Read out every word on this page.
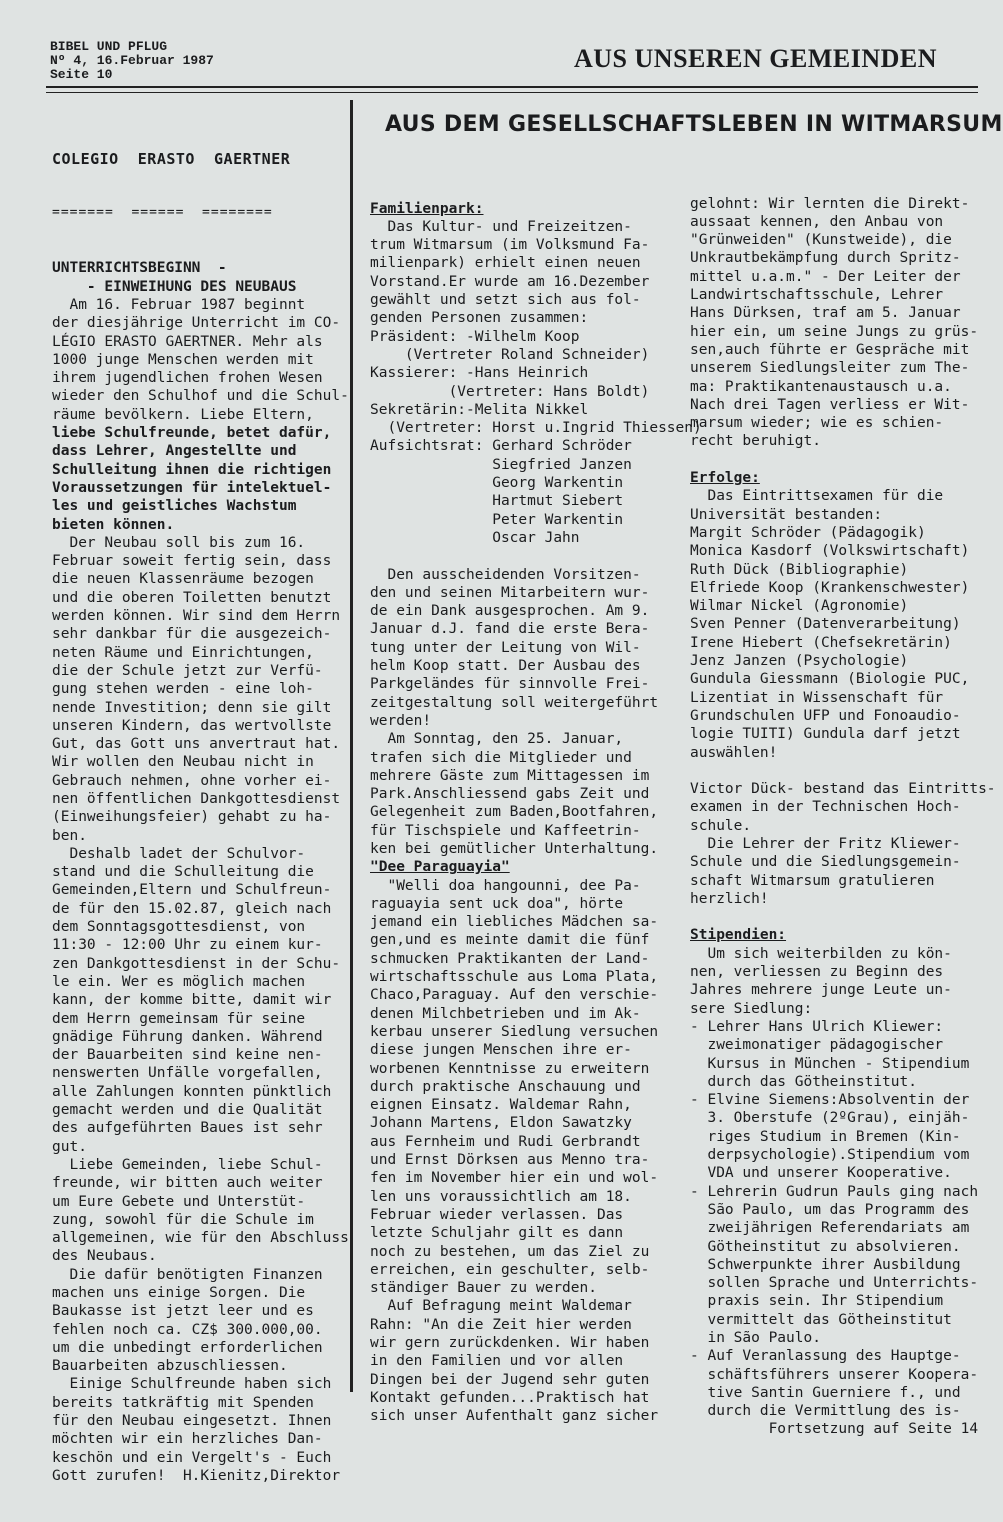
BIBEL UND PFLUG
Nº 4, 16.Februar 1987
Seite 10
AUS UNSEREN GEMEINDEN

COLEGIO  ERASTO  GAERTNER

=======  ======  ========

UNTERRICHTSBEGINN  -
- EINWEIHUNG DES NEUBAUS
Am 16. Februar 1987 beginnt
der diesjährige Unterricht im CO-
LÉGIO ERASTO GAERTNER. Mehr als
1000 junge Menschen werden mit
ihrem jugendlichen frohen Wesen
wieder den Schulhof und die Schul-
räume bevölkern. Liebe Eltern,
liebe Schulfreunde, betet dafür,
dass Lehrer, Angestellte und
Schulleitung ihnen die richtigen
Voraussetzungen für intelektuel-
les und geistliches Wachstum
bieten können.
Der Neubau soll bis zum 16.
Februar soweit fertig sein, dass
die neuen Klassenräume bezogen
und die oberen Toiletten benutzt
werden können. Wir sind dem Herrn
sehr dankbar für die ausgezeich-
neten Räume und Einrichtungen,
die der Schule jetzt zur Verfü-
gung stehen werden - eine loh-
nende Investition; denn sie gilt
unseren Kindern, das wertvollste
Gut, das Gott uns anvertraut hat.
Wir wollen den Neubau nicht in
Gebrauch nehmen, ohne vorher ei-
nen öffentlichen Dankgottesdienst
(Einweihungsfeier) gehabt zu ha-
ben.
Deshalb ladet der Schulvor-
stand und die Schulleitung die
Gemeinden,Eltern und Schulfreun-
de für den 15.02.87, gleich nach
dem Sonntagsgottesdienst, von
11:30 - 12:00 Uhr zu einem kur-
zen Dankgottesdienst in der Schu-
le ein. Wer es möglich machen
kann, der komme bitte, damit wir
dem Herrn gemeinsam für seine
gnädige Führung danken. Während
der Bauarbeiten sind keine nen-
nenswerten Unfälle vorgefallen,
alle Zahlungen konnten pünktlich
gemacht werden und die Qualität
des aufgeführten Baues ist sehr
gut.
Liebe Gemeinden, liebe Schul-
freunde, wir bitten auch weiter
um Eure Gebete und Unterstüt-
zung, sowohl für die Schule im
allgemeinen, wie für den Abschluss
des Neubaus.
Die dafür benötigten Finanzen
machen uns einige Sorgen. Die
Baukasse ist jetzt leer und es
fehlen noch ca. CZ$ 300.000,00.
um die unbedingt erforderlichen
Bauarbeiten abzuschliessen.
Einige Schulfreunde haben sich
bereits tatkräftig mit Spenden
für den Neubau eingesetzt. Ihnen
möchten wir ein herzliches Dan-
keschön und ein Vergelt's - Euch
Gott zurufen!  H.Kienitz,Direktor

AUS DEM GESELLSCHAFTSLEBEN IN WITMARSUM

Familienpark:
Das Kultur- und Freizeitzen-
trum Witmarsum (im Volksmund Fa-
milienpark) erhielt einen neuen
Vorstand.Er wurde am 16.Dezember
gewählt und setzt sich aus fol-
genden Personen zusammen:
Präsident: -Wilhelm Koop
(Vertreter Roland Schneider)
Kassierer: -Hans Heinrich
(Vertreter: Hans Boldt)
Sekretärin:-Melita Nikkel
(Vertreter: Horst u.Ingrid Thiessen)
Aufsichtsrat: Gerhard Schröder
Siegfried Janzen
Georg Warkentin
Hartmut Siebert
Peter Warkentin
Oscar Jahn
Den ausscheidenden Vorsitzen-
den und seinen Mitarbeitern wur-
de ein Dank ausgesprochen. Am 9.
Januar d.J. fand die erste Bera-
tung unter der Leitung von Wil-
helm Koop statt. Der Ausbau des
Parkgeländes für sinnvolle Frei-
zeitgestaltung soll weitergeführt
werden!
Am Sonntag, den 25. Januar,
trafen sich die Mitglieder und
mehrere Gäste zum Mittagessen im
Park.Anschliessend gabs Zeit und
Gelegenheit zum Baden,Bootfahren,
für Tischspiele und Kaffeetrin-
ken bei gemütlicher Unterhaltung.
"Dee Paraguayia"
"Welli doa hangounni, dee Pa-
raguayia sent uck doa", hörte
jemand ein liebliches Mädchen sa-
gen,und es meinte damit die fünf
schmucken Praktikanten der Land-
wirtschaftsschule aus Loma Plata,
Chaco,Paraguay. Auf den verschie-
denen Milchbetrieben und im Ak-
kerbau unserer Siedlung versuchen
diese jungen Menschen ihre er-
worbenen Kenntnisse zu erweitern
durch praktische Anschauung und
eignen Einsatz. Waldemar Rahn,
Johann Martens, Eldon Sawatzky
aus Fernheim und Rudi Gerbrandt
und Ernst Dörksen aus Menno tra-
fen im November hier ein und wol-
len uns voraussichtlich am 18.
Februar wieder verlassen. Das
letzte Schuljahr gilt es dann
noch zu bestehen, um das Ziel zu
erreichen, ein geschulter, selb-
ständiger Bauer zu werden.
Auf Befragung meint Waldemar
Rahn: "An die Zeit hier werden
wir gern zurückdenken. Wir haben
in den Familien und vor allen
Dingen bei der Jugend sehr guten
Kontakt gefunden...Praktisch hat
sich unser Aufenthalt ganz sicher

gelohnt: Wir lernten die Direkt-
aussaat kennen, den Anbau von
"Grünweiden" (Kunstweide), die
Unkrautbekämpfung durch Spritz-
mittel u.a.m." - Der Leiter der
Landwirtschaftsschule, Lehrer
Hans Dürksen, traf am 5. Januar
hier ein, um seine Jungs zu grüs-
sen,auch führte er Gespräche mit
unserem Siedlungsleiter zum The-
ma: Praktikantenaustausch u.a.
Nach drei Tagen verliess er Wit-
marsum wieder; wie es schien-
recht beruhigt.
Erfolge:
Das Eintrittsexamen für die
Universität bestanden:
Margit Schröder (Pädagogik)
Monica Kasdorf (Volkswirtschaft)
Ruth Dück (Bibliographie)
Elfriede Koop (Krankenschwester)
Wilmar Nickel (Agronomie)
Sven Penner (Datenverarbeitung)
Irene Hiebert (Chefsekretärin)
Jenz Janzen (Psychologie)
Gundula Giessmann (Biologie PUC,
Lizentiat in Wissenschaft für
Grundschulen UFP und Fonoaudio-
logie TUITI) Gundula darf jetzt
auswählen!
Victor Dück- bestand das Eintritts-
examen in der Technischen Hoch-
schule.
Die Lehrer der Fritz Kliewer-
Schule und die Siedlungsgemein-
schaft Witmarsum gratulieren
herzlich!
Stipendien:
Um sich weiterbilden zu kön-
nen, verliessen zu Beginn des
Jahres mehrere junge Leute un-
sere Siedlung:
- Lehrer Hans Ulrich Kliewer:
zweimonatiger pädagogischer
Kursus in München - Stipendium
durch das Götheinstitut.
- Elvine Siemens:Absolventin der
3. Oberstufe (2ºGrau), einjäh-
riges Studium in Bremen (Kin-
derpsychologie).Stipendium vom
VDA und unserer Kooperative.
- Lehrerin Gudrun Pauls ging nach
São Paulo, um das Programm des
zweijährigen Referendariats am
Götheinstitut zu absolvieren.
Schwerpunkte ihrer Ausbildung
sollen Sprache und Unterrichts-
praxis sein. Ihr Stipendium
vermittelt das Götheinstitut
in São Paulo.
- Auf Veranlassung des Hauptge-
schäftsführers unserer Koopera-
tive Santin Guerniere f., und
durch die Vermittlung des is-
Fortsetzung auf Seite 14
